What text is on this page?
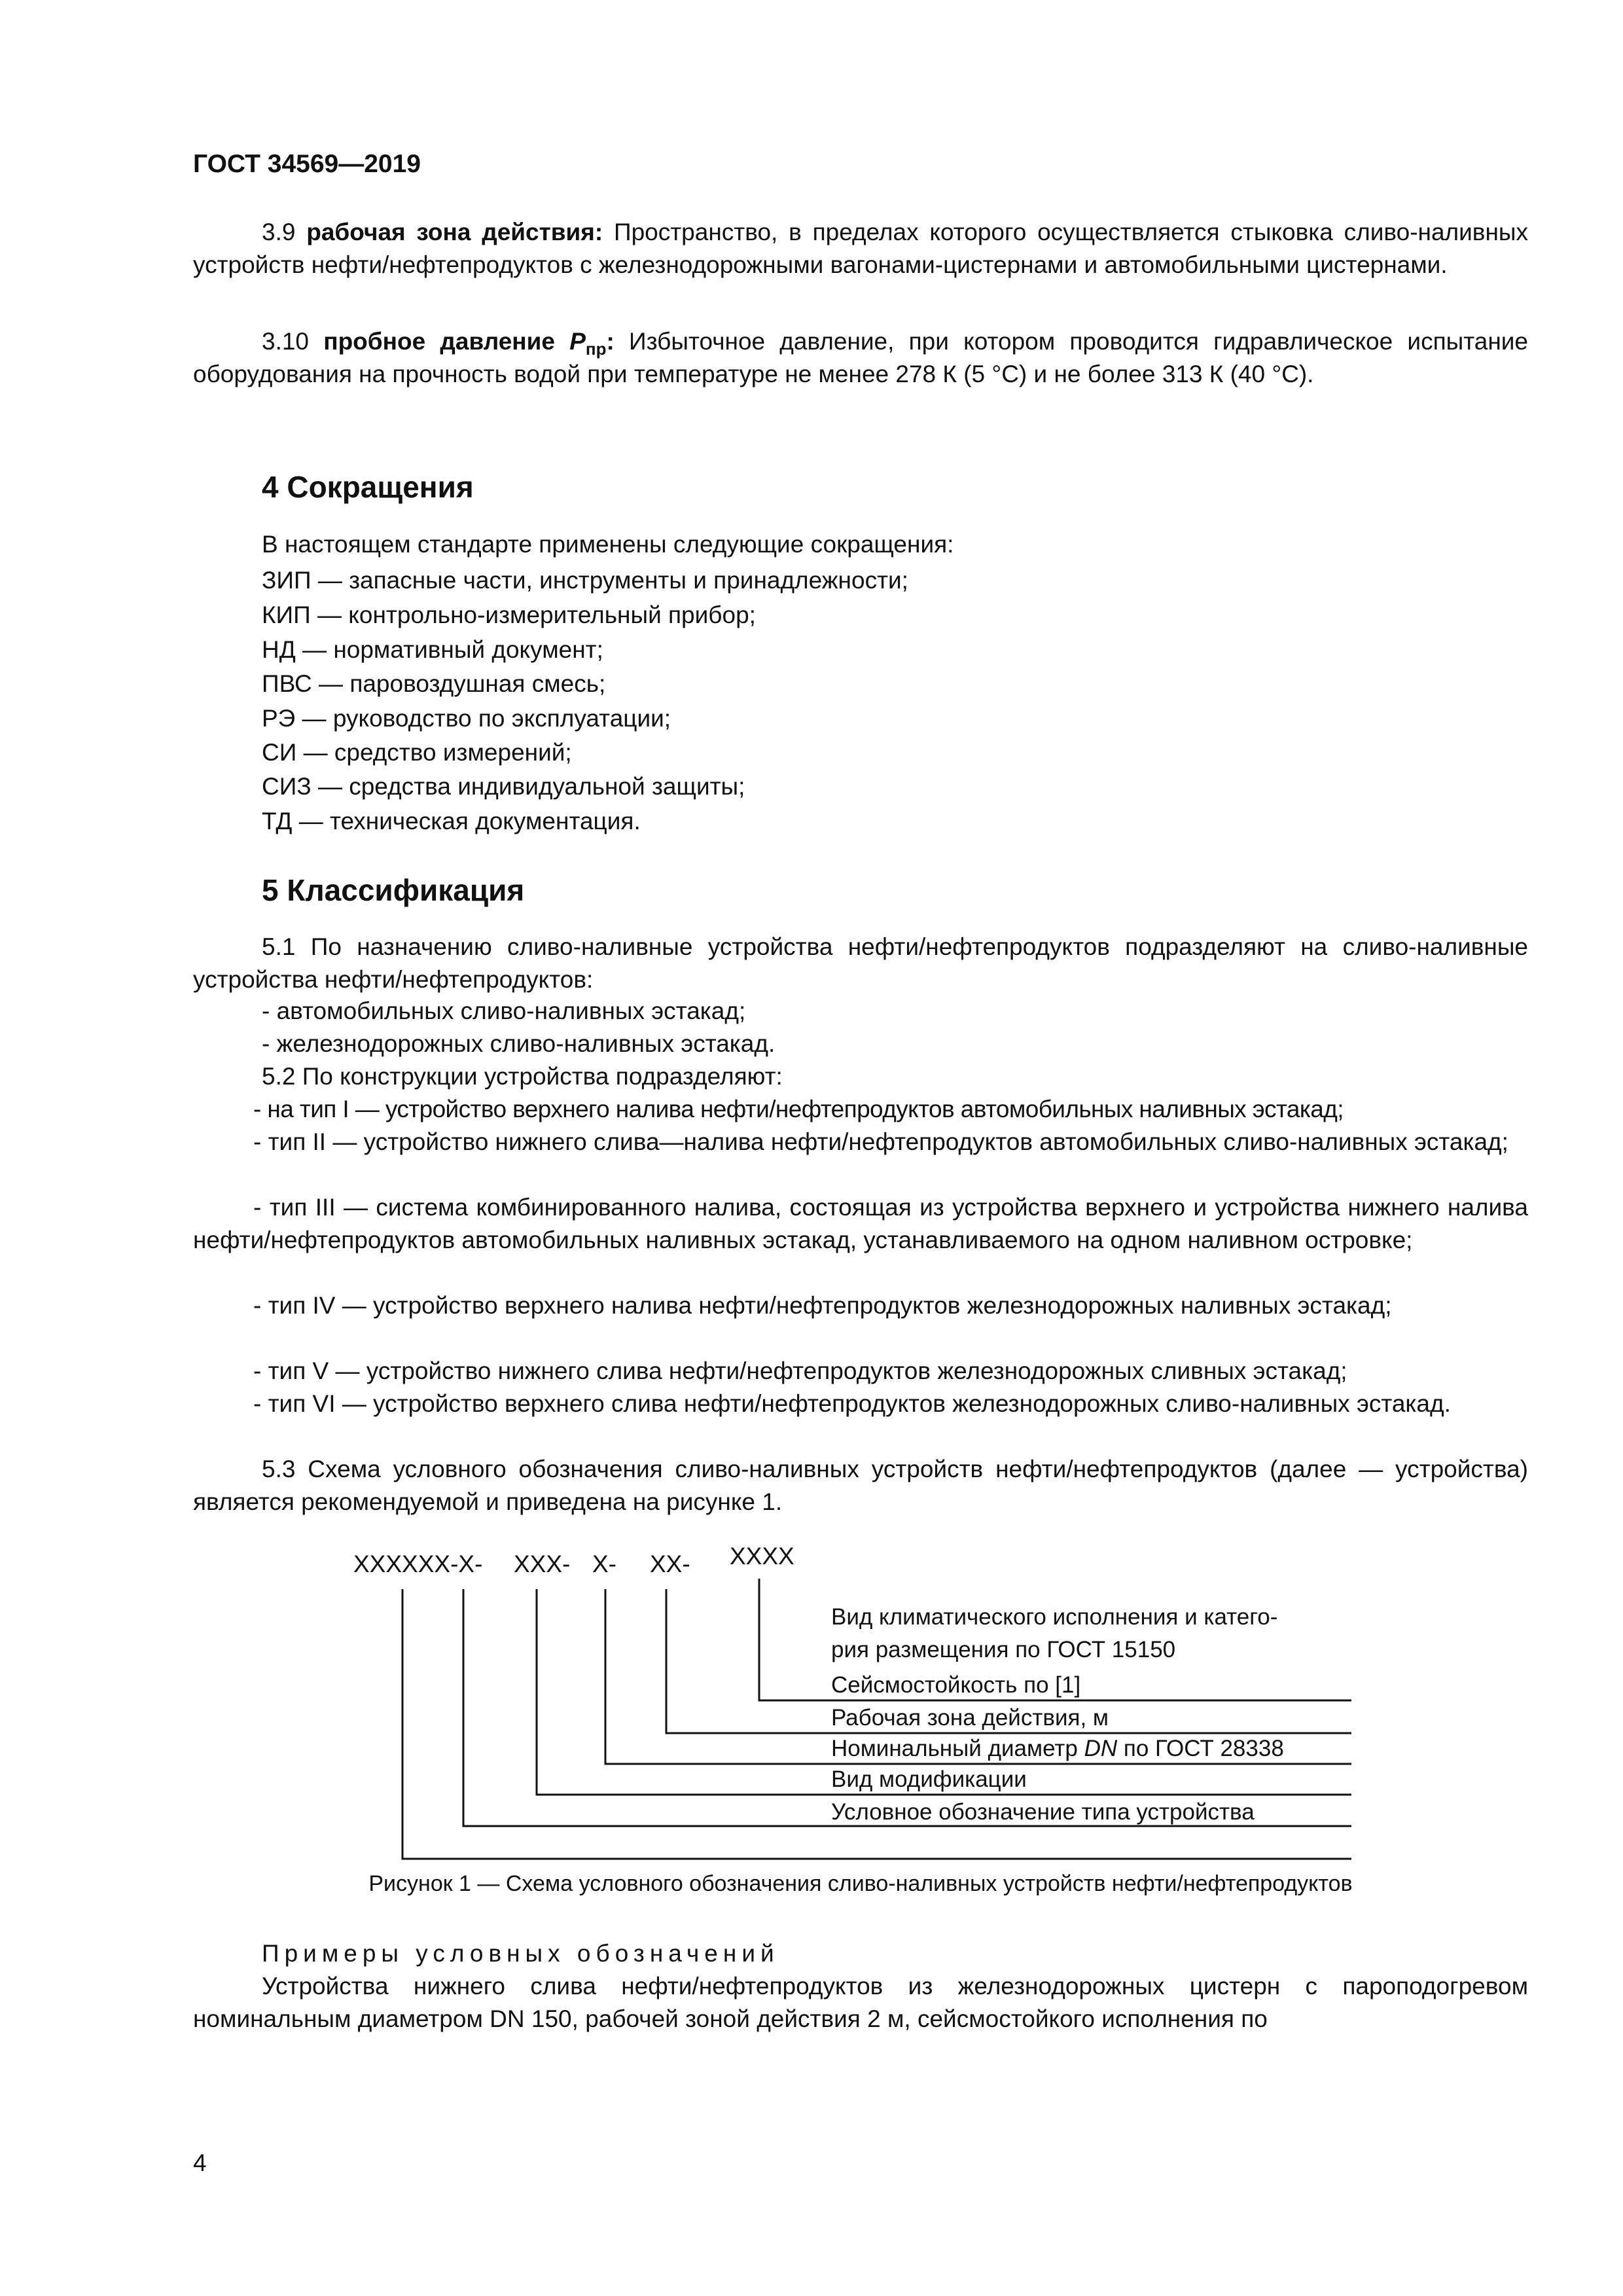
ГОСТ 34569—2019
3.9 рабочая зона действия: Пространство, в пределах которого осуществляется стыковка сливо-наливных устройств нефти/нефтепродуктов с железнодорожными вагонами-цистернами и автомобильными цистернами.
3.10 пробное давление $P_{пр}$: Избыточное давление, при котором проводится гидравлическое испытание оборудования на прочность водой при температуре не менее 278 К (5 °С) и не более 313 К (40 °С).
4 Сокращения
В настоящем стандарте применены следующие сокращения:
ЗИП — запасные части, инструменты и принадлежности;
КИП — контрольно-измерительный прибор;
НД — нормативный документ;
ПВС — паровоздушная смесь;
РЭ — руководство по эксплуатации;
СИ — средство измерений;
СИЗ — средства индивидуальной защиты;
ТД — техническая документация.
5 Классификация
5.1 По назначению сливо-наливные устройства нефти/нефтепродуктов подразделяют на сливо-наливные устройства нефти/нефтепродуктов:
- автомобильных сливо-наливных эстакад;
- железнодорожных сливо-наливных эстакад.
5.2 По конструкции устройства подразделяют:
- на тип I — устройство верхнего налива нефти/нефтепродуктов автомобильных наливных эстакад;
- тип II — устройство нижнего слива—налива нефти/нефтепродуктов автомобильных сливо-наливных эстакад;
- тип III — система комбинированного налива, состоящая из устройства верхнего и устройства нижнего налива нефти/нефтепродуктов автомобильных наливных эстакад, устанавливаемого на одном наливном островке;
- тип IV — устройство верхнего налива нефти/нефтепродуктов железнодорожных наливных эстакад;
- тип V — устройство нижнего слива нефти/нефтепродуктов железнодорожных сливных эстакад;
- тип VI — устройство верхнего слива нефти/нефтепродуктов железнодорожных сливо-наливных эстакад.
5.3 Схема условного обозначения сливо-наливных устройств нефти/нефтепродуктов (далее — устройства) является рекомендуемой и приведена на рисунке 1.
XXXXXX-X- XXX- X- XX- XXXX
Вид климатического исполнения и катего-
рия размещения по ГОСТ 15150
Сейсмостойкость по [1]
Рабочая зона действия, м
Номинальный диаметр DN по ГОСТ 28338
Вид модификации
Условное обозначение типа устройства
Рисунок 1 — Схема условного обозначения сливо-наливных устройств нефти/нефтепродуктов
Примеры условных обозначений
Устройства нижнего слива нефти/нефтепродуктов из железнодорожных цистерн с пароподогревом номинальным диаметром DN 150, рабочей зоной действия 2 м, сейсмостойкого исполнения по
4
